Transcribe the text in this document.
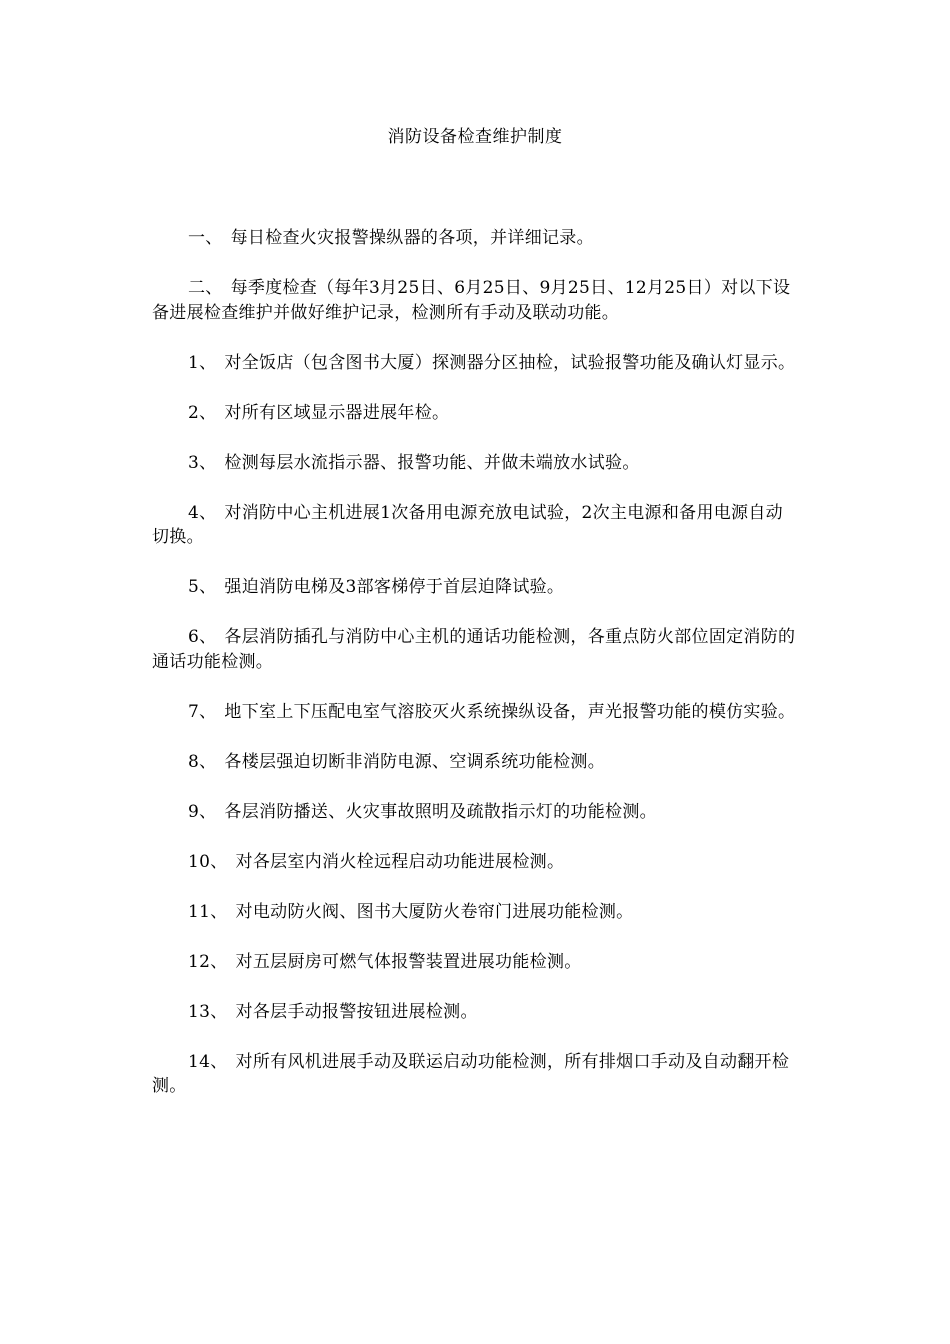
消防设备检查维护制度

一、 每日检查火灾报警操纵器的各项，并详细记录。

二、 每季度检查（每年3月25日、6月25日、9月25日、12月25日）对以下设备进展检查维护并做好维护记录，检测所有手动及联动功能。

1、 对全饭店（包含图书大厦）探测器分区抽检，试验报警功能及确认灯显示。

2、 对所有区域显示器进展年检。

3、 检测每层水流指示器、报警功能、并做未端放水试验。

4、 对消防中心主机进展1次备用电源充放电试验，2次主电源和备用电源自动切换。

5、 强迫消防电梯及3部客梯停于首层迫降试验。

6、 各层消防插孔与消防中心主机的通话功能检测，各重点防火部位固定消防的通话功能检测。

7、 地下室上下压配电室气溶胶灭火系统操纵设备，声光报警功能的模仿实验。

8、 各楼层强迫切断非消防电源、空调系统功能检测。

9、 各层消防播送、火灾事故照明及疏散指示灯的功能检测。

10、 对各层室内消火栓远程启动功能进展检测。

11、 对电动防火阀、图书大厦防火卷帘门进展功能检测。

12、 对五层厨房可燃气体报警装置进展功能检测。

13、 对各层手动报警按钮进展检测。

14、 对所有风机进展手动及联运启动功能检测，所有排烟口手动及自动翻开检测。
